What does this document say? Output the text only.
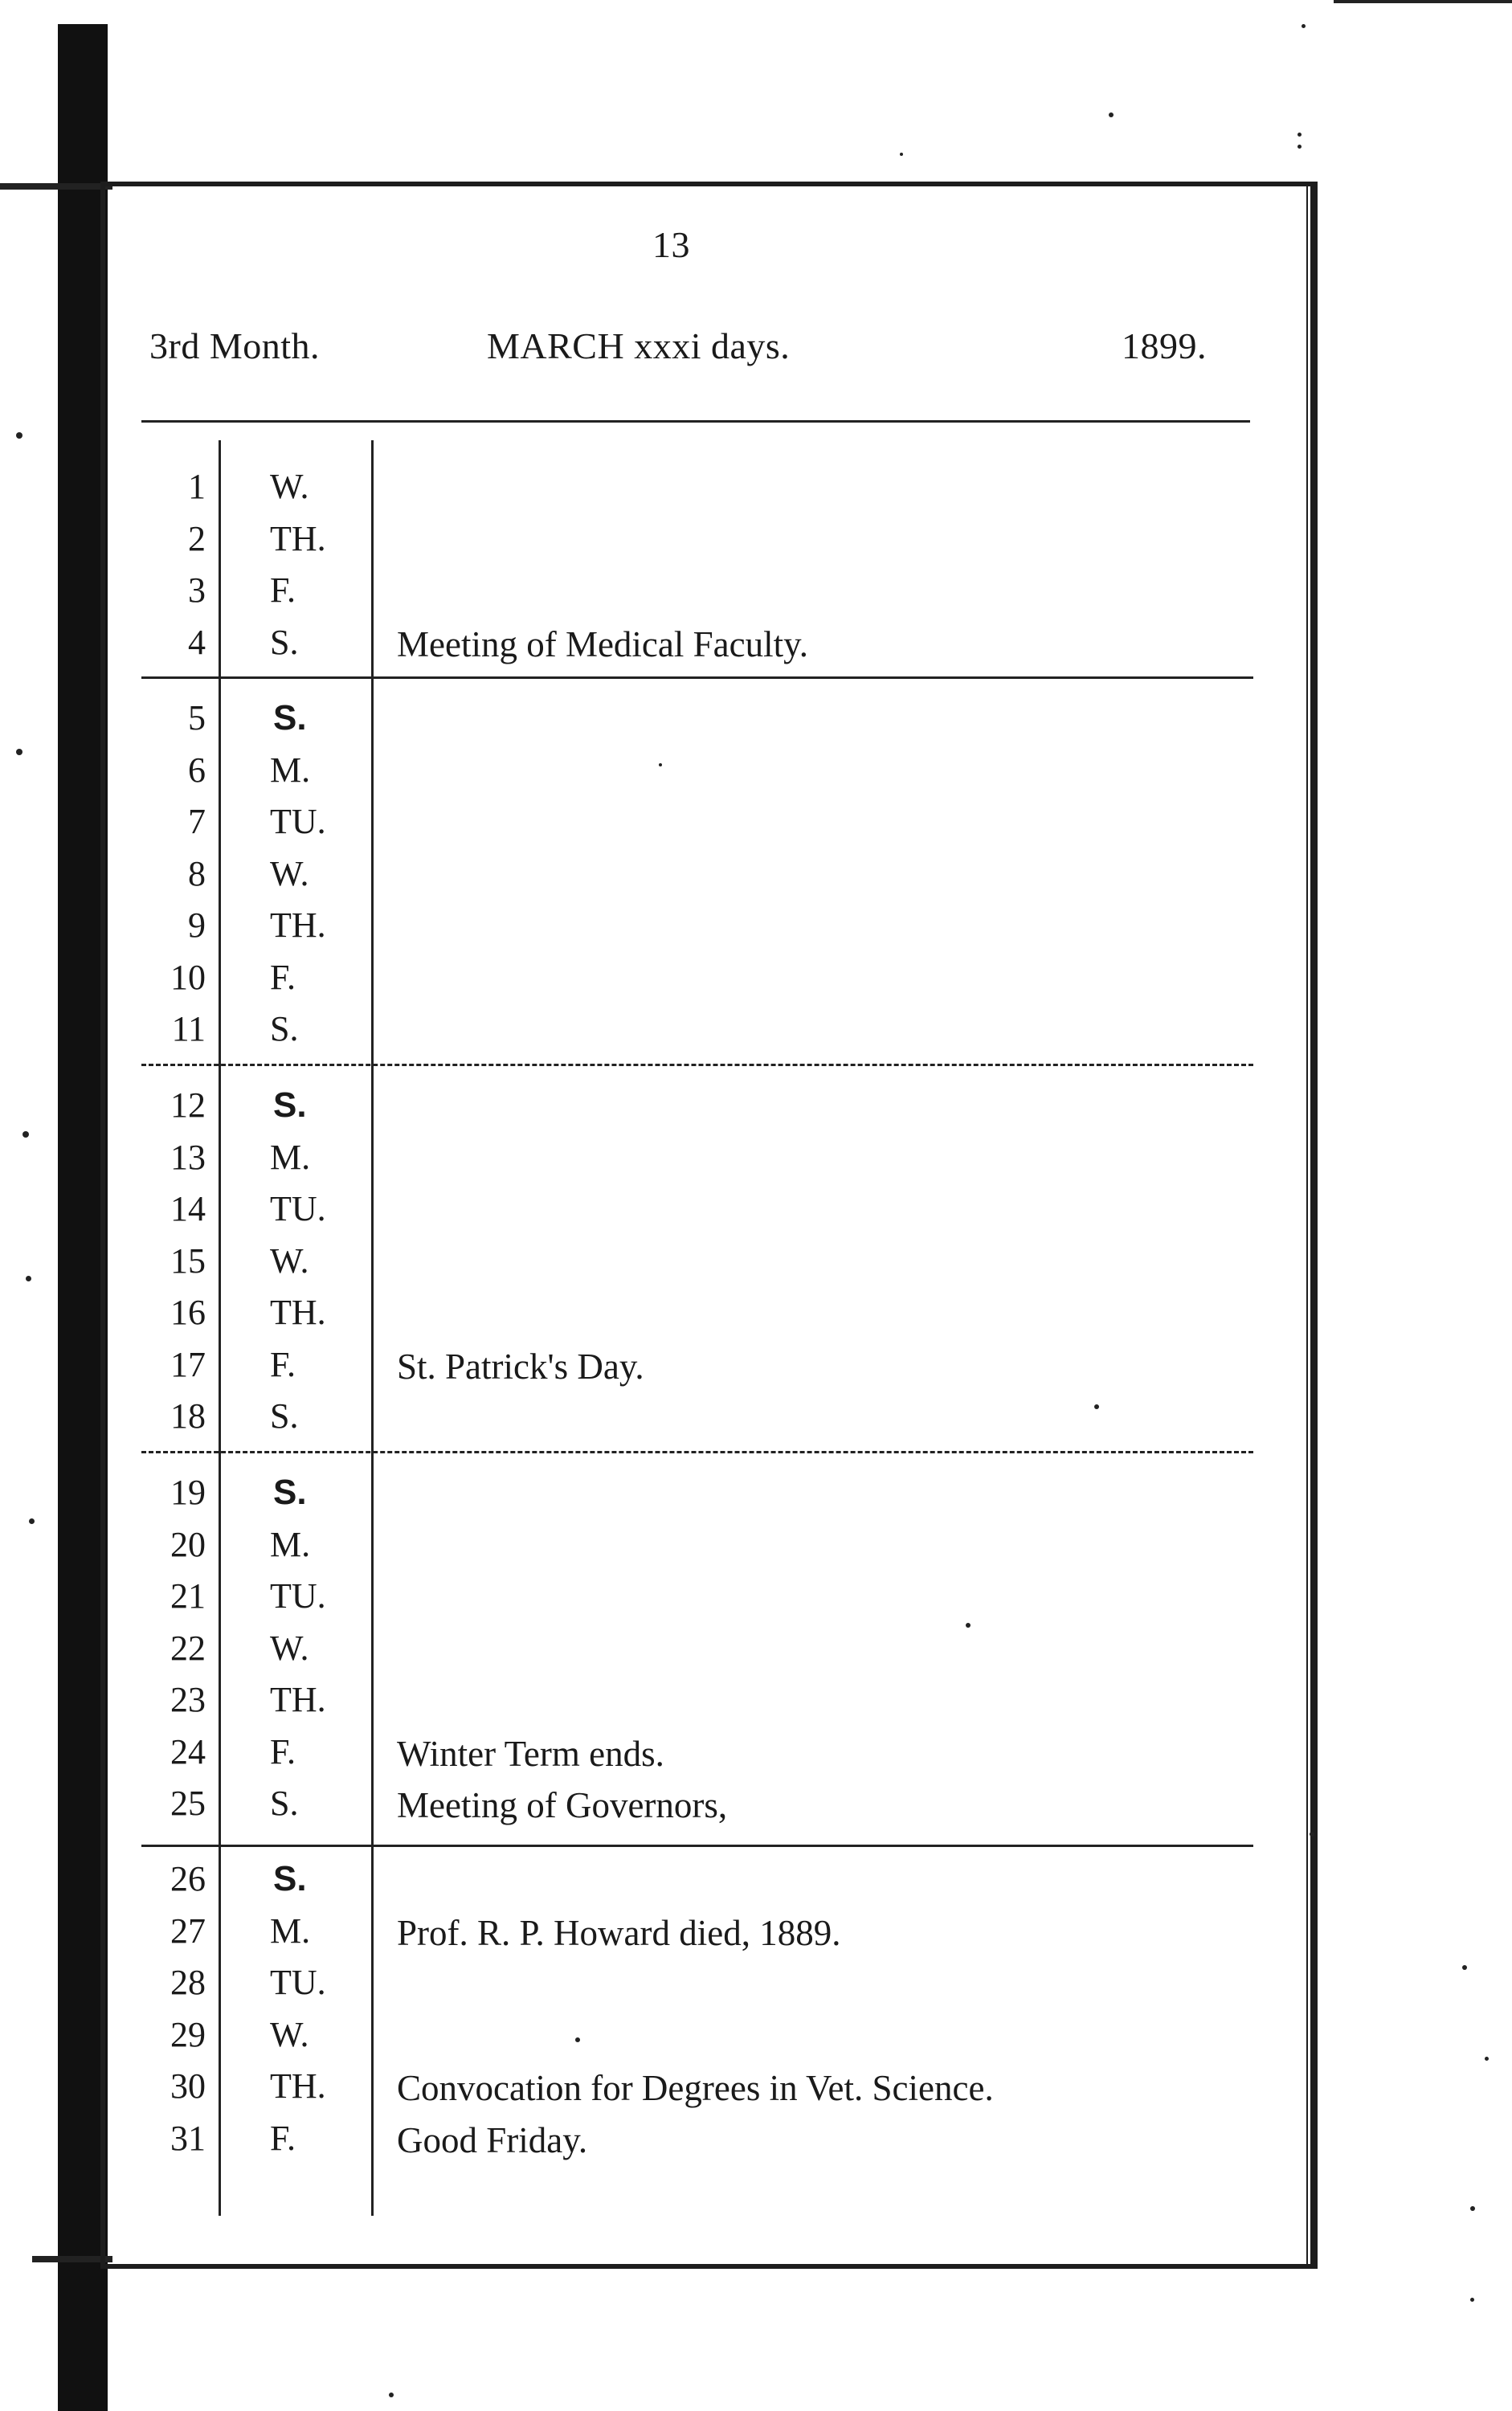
13
3rd Month.	MARCH xxxi days.	1899.
1 W.
2 TH.
3 F.
4 S.	Meeting of Medical Faculty.
5 S.
6 M.
7 TU.
8 W.
9 TH.
10 F.
11 S.
12 S.
13 M.
14 TU.
15 W.
16 TH.
17 F.	St. Patrick's Day.
18 S.
19 S.
20 M.
21 TU.
22 W.
23 TH.
24 F.	Winter Term ends.
25 S.	Meeting of Governors,
26 S.
27 M. Prof. R. P. Howard died, 1889.
28 TU.
29 W.
30 TH. Convocation for Degrees in Vet. Science.
31 F.	Good Friday.
